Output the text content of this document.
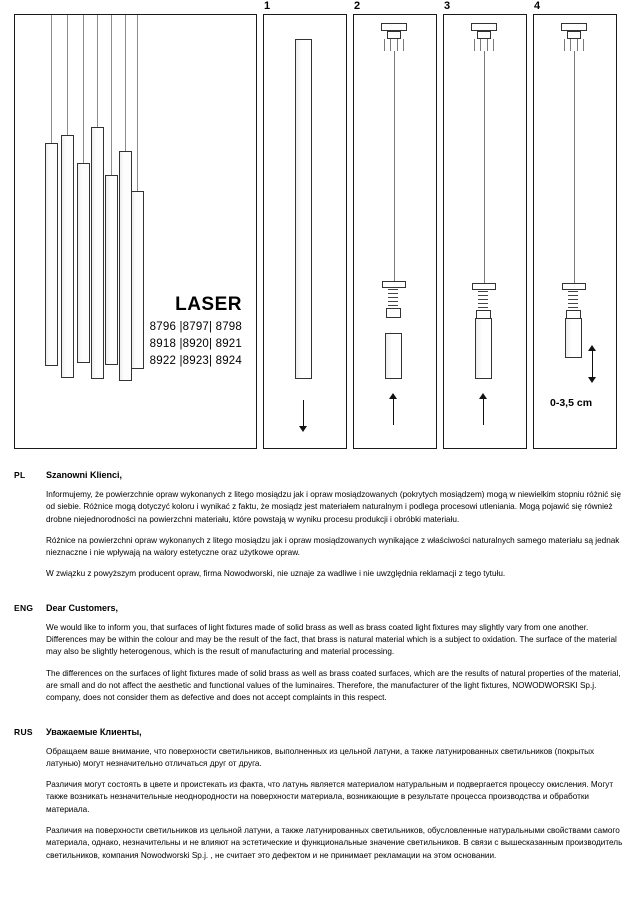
LASER
8796 |8797| 8798
8918 |8920| 8921
8922 |8923| 8924
1	2	3	4
0-3,5 cm
PL	Szanowni Klienci,

Informujemy, że powierzchnie opraw wykonanych z litego mosiądzu jak i opraw mosiądzowanych (pokrytych mosiądzem) mogą w niewielkim stopniu różnić się od siebie. Różnice mogą dotyczyć koloru i wynikać z faktu, że mosiądz jest materiałem naturalnym i podlega procesowi utleniania. Mogą pojawić się również drobne niejednorodności na powierzchni materiału, które powstają w wyniku procesu produkcji i obróbki materiału.

Różnice na powierzchni opraw wykonanych z litego mosiądzu jak i opraw mosiądzowanych wynikające z właściwości naturalnych samego materiału są jednak nieznaczne i nie wpływają na walory estetyczne oraz użytkowe opraw.

W związku z powyższym producent opraw, firma Nowodworski, nie uznaje za wadliwe i nie uwzględnia reklamacji z tego tytułu.

ENG	Dear Customers,

We would like to inform you, that surfaces of light fixtures made of solid brass as well as brass coated light fixtures may slightly vary from one another. Differences may be within the colour and may be the result of the fact, that brass is natural material which is a subject to oxidation. The surface of the material may also be slightly heterogenous, which is the result of manufacturing and material processing.

The differences on the surfaces of light fixtures made of solid brass as well as brass coated surfaces, which are the results of natural properties of the material, are small and do not affect the aesthetic and functional values of the luminaires. Therefore, the manufacturer of the light fixtures, NOWODWORSKI Sp.j. company, does not consider them as defective and does not accept complaints in this respect.

RUS	Уважаемые Клиенты,

Обращаем ваше внимание, что поверхности светильников, выполненных из цельной латуни, а также латунированных светильников (покрытых латунью) могут незначительно отличаться друг от друга.

Различия могут состоять в цвете и проистекать из факта, что латунь является материалом натуральным и подвергается процессу окисления. Могут также возникать незначительные неоднородности на поверхности материала, возникающие в результате процесса производства и обработки материала.

Различия на поверхности светильников из цельной латуни, а также латунированных светильников, обусловленные натуральными свойствами самого материала, однако, незначительны и не влияют на эстетические и функциональные значение светильников. В связи с вышесказанным производитель светильников, компания Nowodworski Sp.j. , не считает это дефектом и не принимает рекламации на этом основании.
